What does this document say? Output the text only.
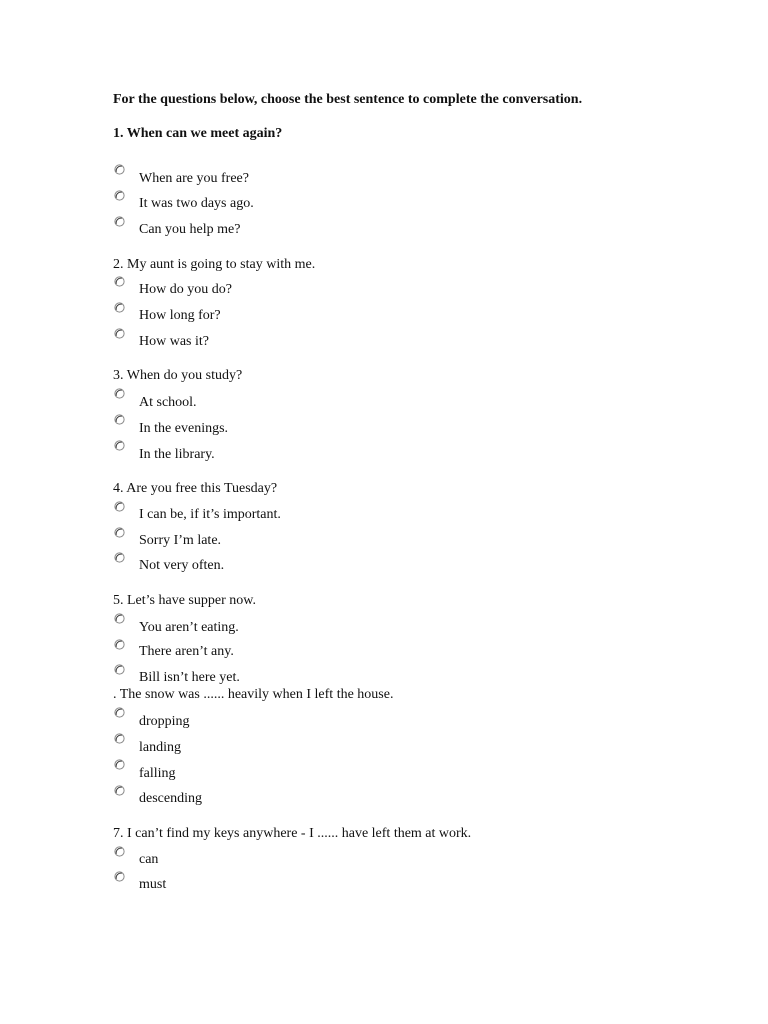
For the questions below, choose the best sentence to complete the conversation.
1. When can we meet again?
When are you free?
It was two days ago.
Can you help me?
2. My aunt is going to stay with me.
How do you do?
How long for?
How was it?
3. When do you study?
At school.
In the evenings.
In the library.
4. Are you free this Tuesday?
I can be, if it’s important.
Sorry I’m late.
Not very often.
5. Let’s have supper now.
You aren’t eating.
There aren’t any.
Bill isn’t here yet.
. The snow was ...... heavily when I left the house.
dropping
landing
falling
descending
7. I can’t find my keys anywhere - I ...... have left them at work.
can
must
